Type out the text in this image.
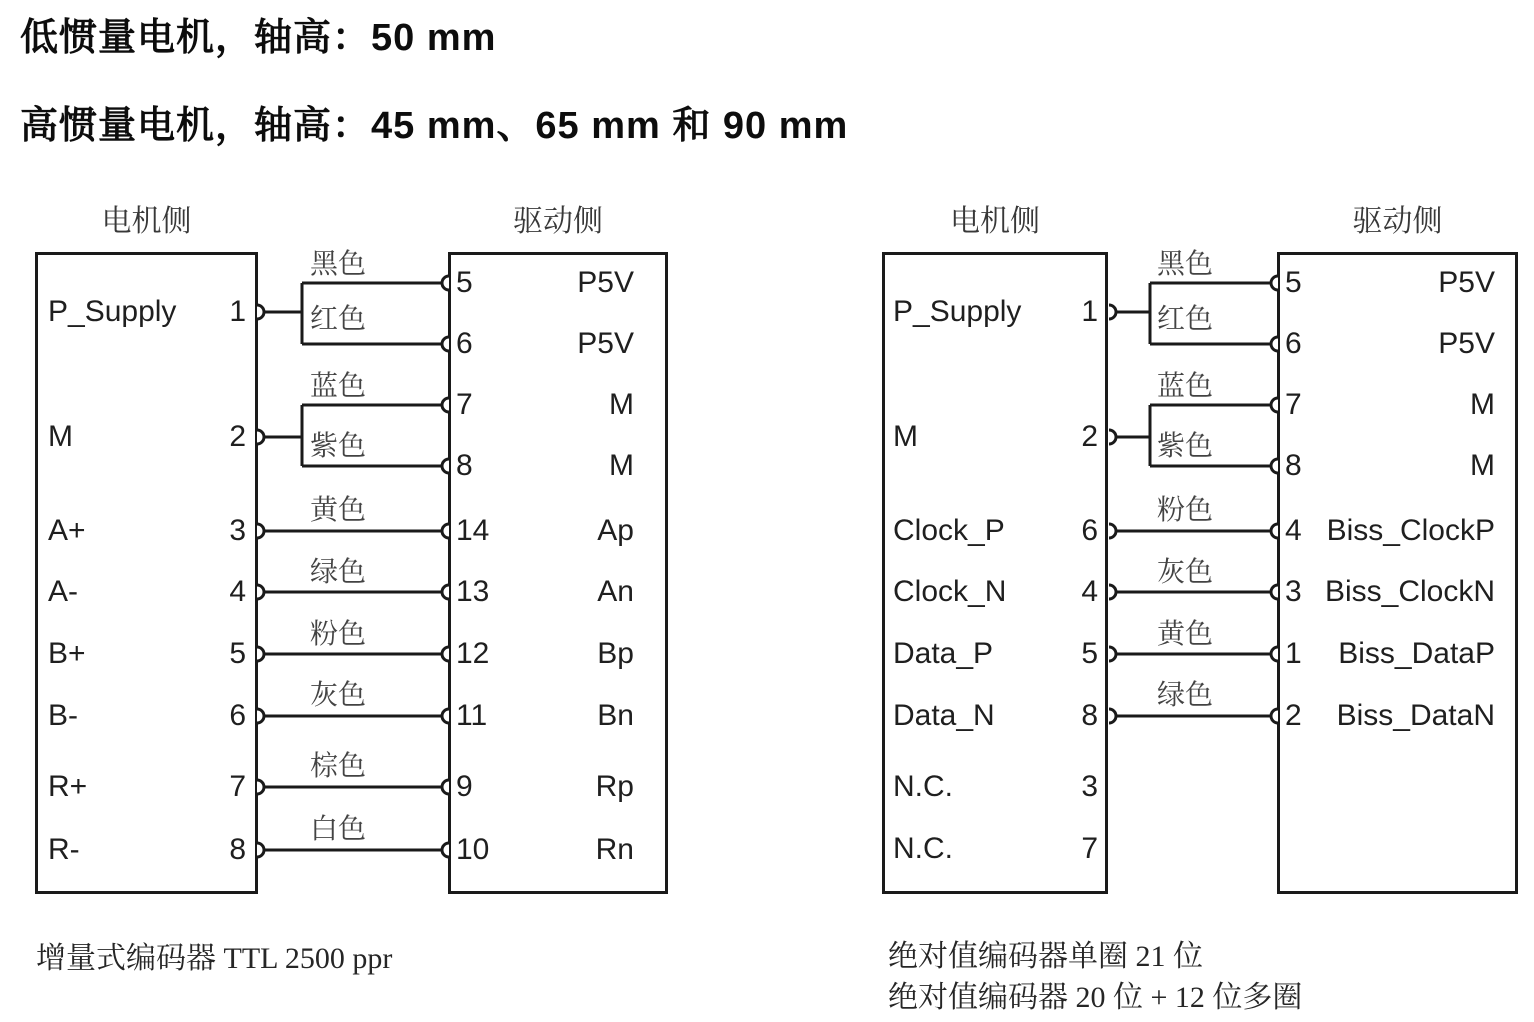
低惯量电机，轴高：50 mm
高惯量电机，轴高：45 mm、65 mm 和 90 mm
电机侧	驱动侧	电机侧	驱动侧
P_Supply 1
M	2
A+	3
A-	4
B+	5
B-	6
R+	7
R-	8
5	P5V
6	P5V
7	M
8	M
14	Ap
13	An
12	Bp
11	Bn
9	Rp
10	Rn
黑色
红色
蓝色
紫色
黄色
绿色
粉色
灰色
棕色
白色
增量式编码器 TTL 2500 ppr
P_Supply 1
M	2
Clock_P	6
Clock_N 4
Data_P	5
Data_N	8
N.C.	3
N.C.	7
5	P5V
6	P5V
7	M
8	M
4 Biss_ClockP
3 Biss_ClockN
1 Biss_DataP
2 Biss_DataN
黑色
红色
蓝色
紫色
粉色
灰色
黄色
绿色
绝对值编码器单圈 21 位
绝对值编码器 20 位 + 12 位多圈
